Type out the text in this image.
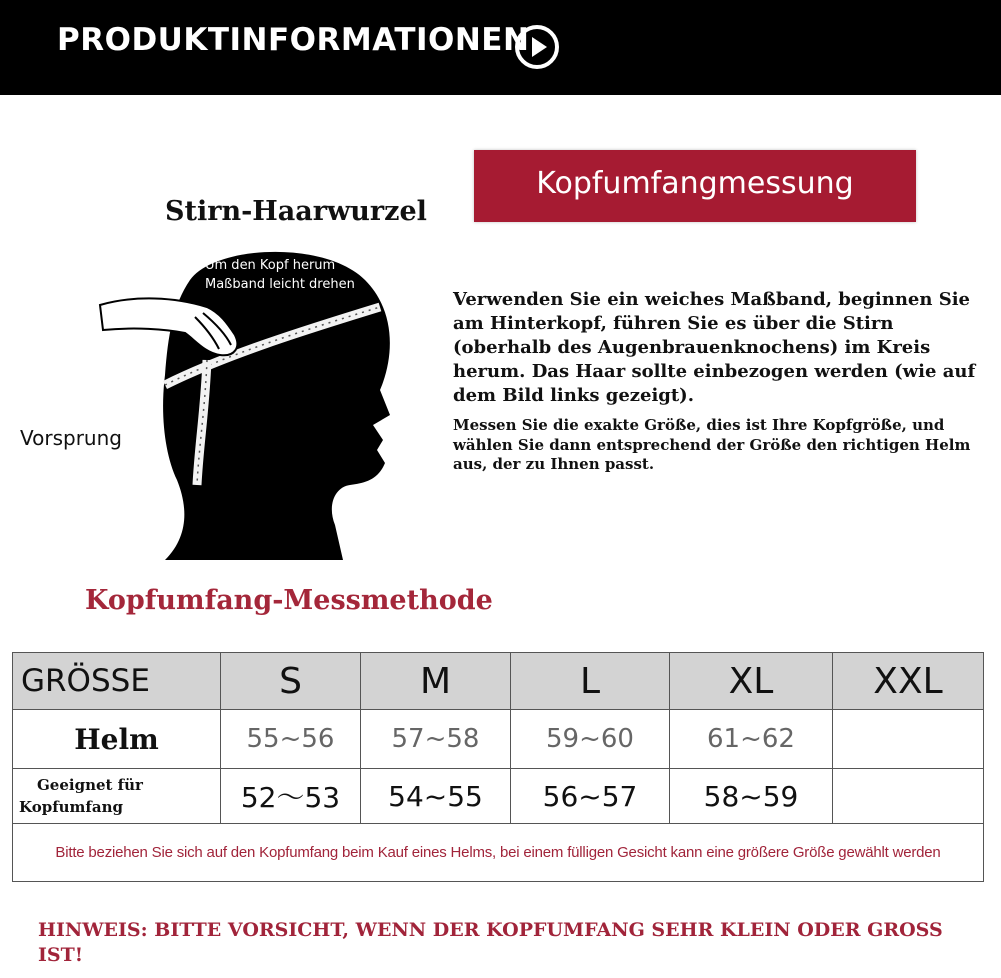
PRODUKTINFORMATIONEN
Kopfumfangmessung
Stirn-Haarwurzel
Um den Kopf herum
Maßband leicht drehen
Vorsprung
Verwenden Sie ein weiches Maßband, beginnen Sie am Hinterkopf, führen Sie es über die Stirn (oberhalb des Augenbrauenknochens) im Kreis herum. Das Haar sollte einbezogen werden (wie auf dem Bild links gezeigt).
Messen Sie die exakte Größe, dies ist Ihre Kopfgröße, und wählen Sie dann entsprechend der Größe den richtigen Helm aus, der zu Ihnen passt.
Kopfumfang-Messmethode
GRÖSSE	S	M	L	XL	XXL
Helm	55~56	57~58	59~60	61~62	

Geeignet für
Kopfumfang	52〜53	54~55	56~57	58~59	
Bitte beziehen Sie sich auf den Kopfumfang beim Kauf eines Helms, bei einem fülligen Gesicht kann eine größere Größe gewählt werden					
HINWEIS: BITTE VORSICHT, WENN DER KOPFUMFANG SEHR KLEIN ODER GROSS IST!
